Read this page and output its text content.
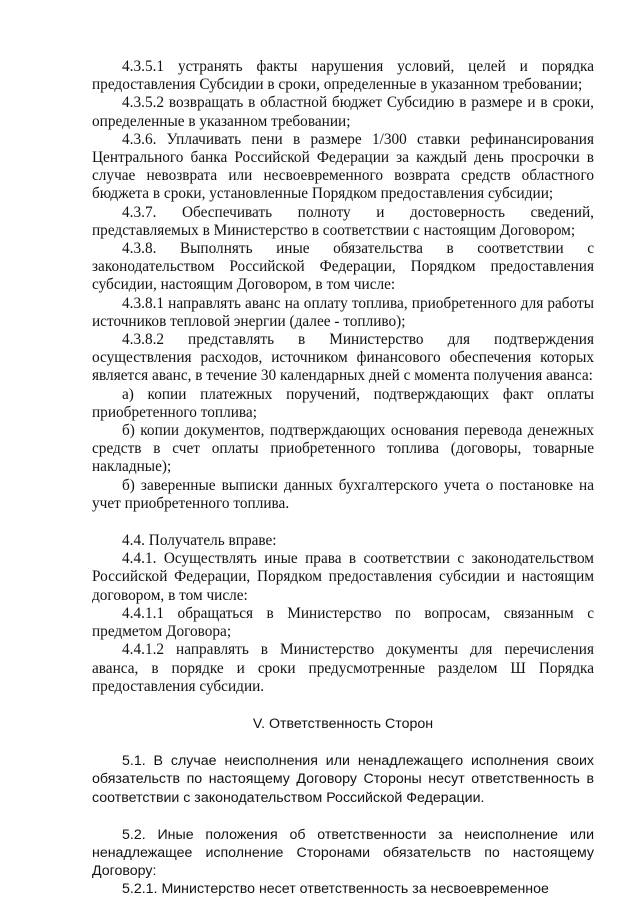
4.3.5.1 устранять факты нарушения условий, целей и порядка предоставления Субсидии в сроки, определенные в указанном требовании;

4.3.5.2 возвращать в областной бюджет Субсидию в размере и в сроки, определенные в указанном требовании;

4.3.6. Уплачивать пени в размере 1/300 ставки рефинансирования Центрального банка Российской Федерации за каждый день просрочки в случае невозврата или несвоевременного возврата средств областного бюджета в сроки, установленные Порядком предоставления субсидии;

4.3.7. Обеспечивать полноту и достоверность сведений, представляемых в Министерство в соответствии с настоящим Договором;

4.3.8. Выполнять иные обязательства в соответствии с законодательством Российской Федерации, Порядком предоставления субсидии, настоящим Договором, в том числе:

4.3.8.1 направлять аванс на оплату топлива, приобретенного для работы источников тепловой энергии (далее - топливо);

4.3.8.2 представлять в Министерство для подтверждения осуществления расходов, источником финансового обеспечения которых является аванс, в течение 30 календарных дней с момента получения аванса:

а) копии платежных поручений, подтверждающих факт оплаты приобретенного топлива;

б) копии документов, подтверждающих основания перевода денежных средств в счет оплаты приобретенного топлива (договоры, товарные накладные);

б) заверенные выписки данных бухгалтерского учета о постановке на учет приобретенного топлива.

4.4. Получатель вправе:

4.4.1. Осуществлять иные права в соответствии с законодательством Российской Федерации, Порядком предоставления субсидии и настоящим договором, в том числе:

4.4.1.1 обращаться в Министерство по вопросам, связанным с предметом Договора;

4.4.1.2 направлять в Министерство документы для перечисления аванса, в порядке и сроки предусмотренные разделом Ш Порядка предоставления субсидии.

V. Ответственность Сторон

5.1. В случае неисполнения или ненадлежащего исполнения своих обязательств по настоящему Договору Стороны несут ответственность в соответствии с законодательством Российской Федерации.

5.2. Иные положения об ответственности за неисполнение или ненадлежащее исполнение Сторонами обязательств по настоящему Договору:

5.2.1. Министерство несет ответственность за несвоевременное
